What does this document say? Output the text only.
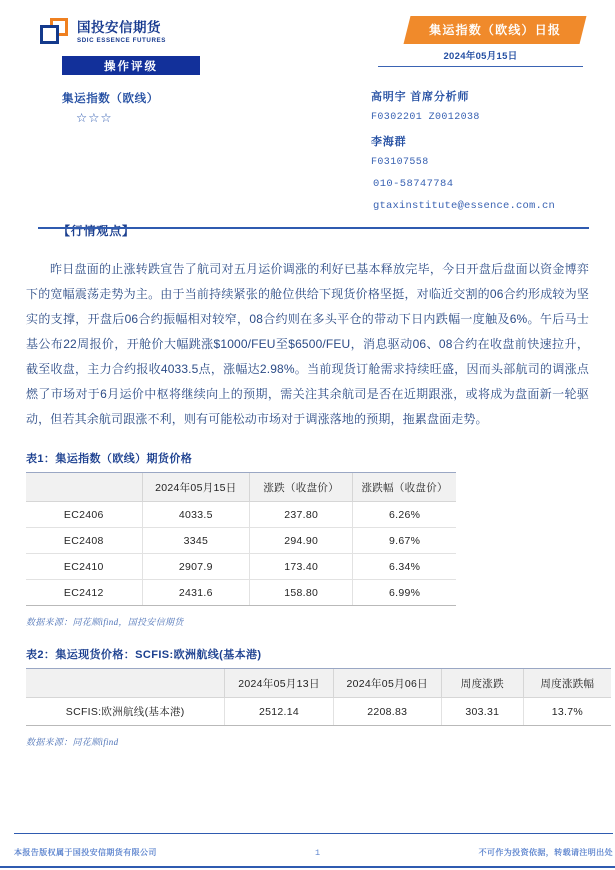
国投安信期货
SDIC ESSENCE FUTURES
操作评级
集运指数（欧线）
☆☆☆
集运指数（欧线）日报
2024年05月15日
高明宇 首席分析师
F0302201 Z0012038
李海群
F03107558
010-58747784
gtaxinstitute@essence.com.cn
【行情观点】

昨日盘面的止涨转跌宣告了航司对五月运价调涨的利好已基本释放完毕，今日开盘后盘面以资金博弈下的宽幅震荡走势为主。由于当前持续紧张的舱位供给下现货价格坚挺，对临近交割的06合约形成较为坚实的支撑，开盘后06合约振幅相对较窄，08合约则在多头平仓的带动下日内跌幅一度触及6%。午后马士基公布22周报价，开舱价大幅跳涨$1000/FEU至$6500/FEU，消息驱动06、08合约在收盘前快速拉升，截至收盘，主力合约报收4033.5点，涨幅达2.98%。当前现货订舱需求持续旺盛，因而头部航司的调涨点燃了市场对于6月运价中枢将继续向上的预期，需关注其余航司是否在近期跟涨，或将成为盘面新一轮驱动，但若其余航司跟涨不利，则有可能松动市场对于调涨落地的预期，拖累盘面走势。

表1：集运指数（欧线）期货价格
	2024年05月15日	涨跌（收盘价）	涨跌幅（收盘价）
EC2406	4033.5	237.80	6.26%
EC2408	3345	294.90	9.67%
EC2410	2907.9	173.40	6.34%
EC2412	2431.6	158.80	6.99%
数据来源：同花顺ifind，国投安信期货
表2：集运现货价格：SCFIS:欧洲航线(基本港)
	2024年05月13日	2024年05月06日	周度涨跌	周度涨跌幅
SCFIS:欧洲航线(基本港)	2512.14	2208.83	303.31	13.7%
数据来源：同花顺ifind
本报告版权属于国投安信期货有限公司	1	不可作为投资依据，转载请注明出处
